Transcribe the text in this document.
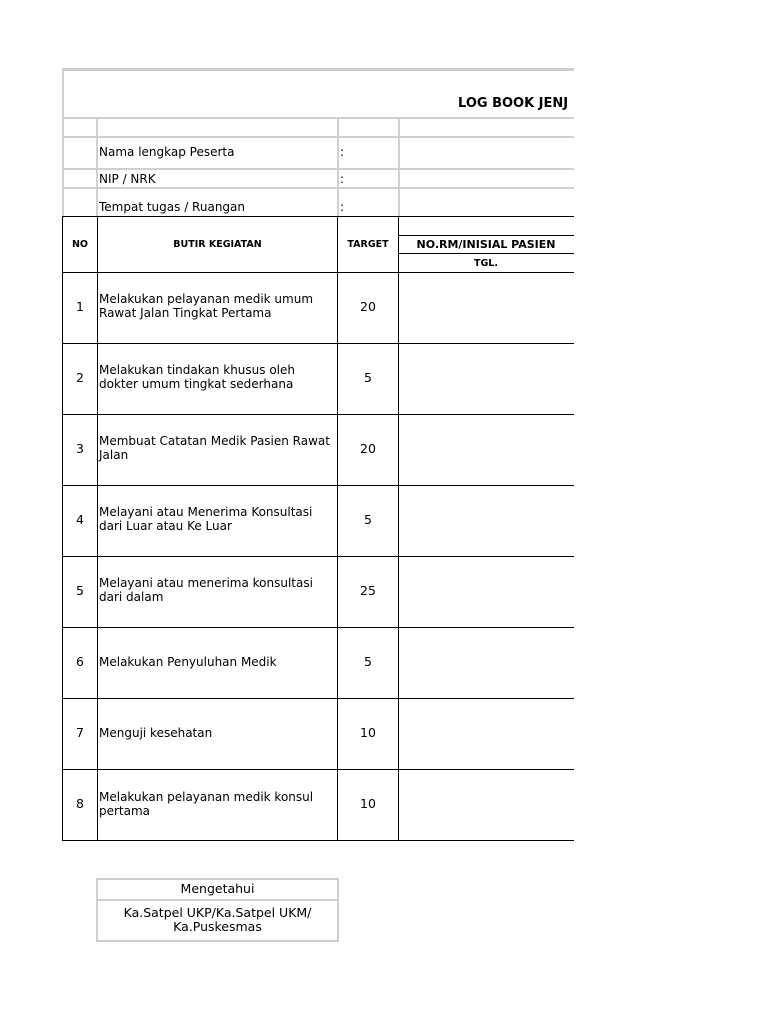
LOG BOOK JENJ
Nama lengkap Peserta	:
NIP / NRK	:
Tempat tugas / Ruangan	:
NO	BUTIR KEGIATAN	TARGET	NO.RM/INISIAL PASIEN
TGL.
1	Melakukan pelayanan medik umum Rawat Jalan Tingkat Pertama	20
2	Melakukan tindakan khusus oleh dokter umum tingkat sederhana	5
3	Membuat Catatan Medik Pasien Rawat Jalan	20
4	Melayani atau Menerima Konsultasi dari Luar atau Ke Luar	5
5	Melayani atau menerima konsultasi dari dalam	25
6	Melakukan Penyuluhan Medik	5
7	Menguji kesehatan	10
8	Melakukan pelayanan medik konsul pertama	10
Mengetahui
Ka.Satpel UKP/Ka.Satpel UKM/
Ka.Puskesmas
